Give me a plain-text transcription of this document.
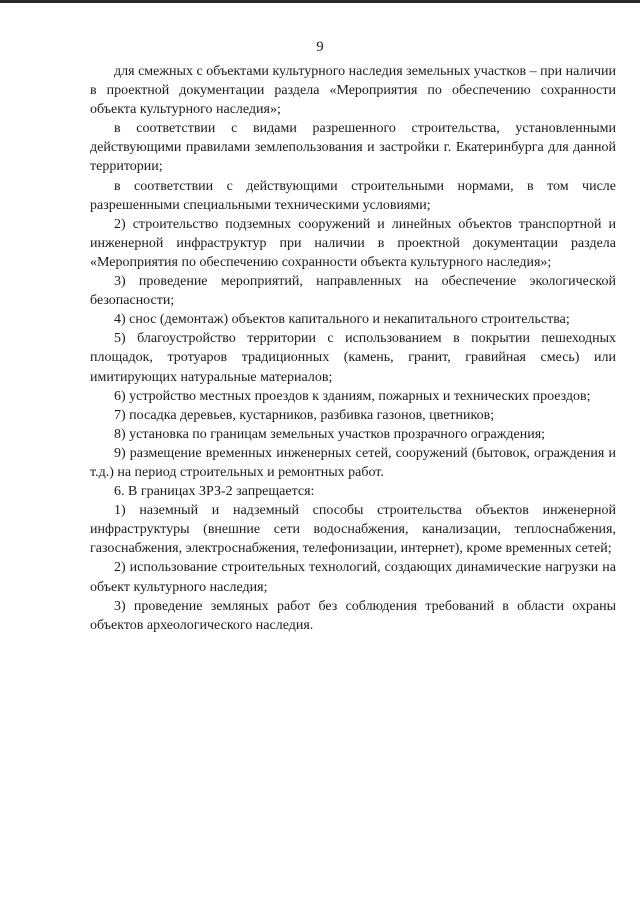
9

для смежных с объектами культурного наследия земельных участков – при наличии в проектной документации раздела «Мероприятия по обеспечению сохранности объекта культурного наследия»;

в соответствии с видами разрешенного строительства, установленными действующими правилами землепользования и застройки г. Екатеринбурга для данной территории;

в соответствии с действующими строительными нормами, в том числе разрешенными специальными техническими условиями;

2) строительство подземных сооружений и линейных объектов транспортной и инженерной инфраструктур при наличии в проектной документации раздела «Мероприятия по обеспечению сохранности объекта культурного наследия»;

3) проведение мероприятий, направленных на обеспечение экологической безопасности;

4) снос (демонтаж) объектов капитального и некапитального строительства;

5) благоустройство территории с использованием в покрытии пешеходных площадок, тротуаров традиционных (камень, гранит, гравийная смесь) или имитирующих натуральные материалов;

6) устройство местных проездов к зданиям, пожарных и технических проездов;

7) посадка деревьев, кустарников, разбивка газонов, цветников;

8) установка по границам земельных участков прозрачного ограждения;

9) размещение временных инженерных сетей, сооружений (бытовок, ограждения и т.д.) на период строительных и ремонтных работ.

6. В границах ЗРЗ-2 запрещается:

1) наземный и надземный способы строительства объектов инженерной инфраструктуры (внешние сети водоснабжения, канализации, теплоснабжения, газоснабжения, электроснабжения, телефонизации, интернет), кроме временных сетей;

2) использование строительных технологий, создающих динамические нагрузки на объект культурного наследия;

3) проведение земляных работ без соблюдения требований в области охраны объектов археологического наследия.
